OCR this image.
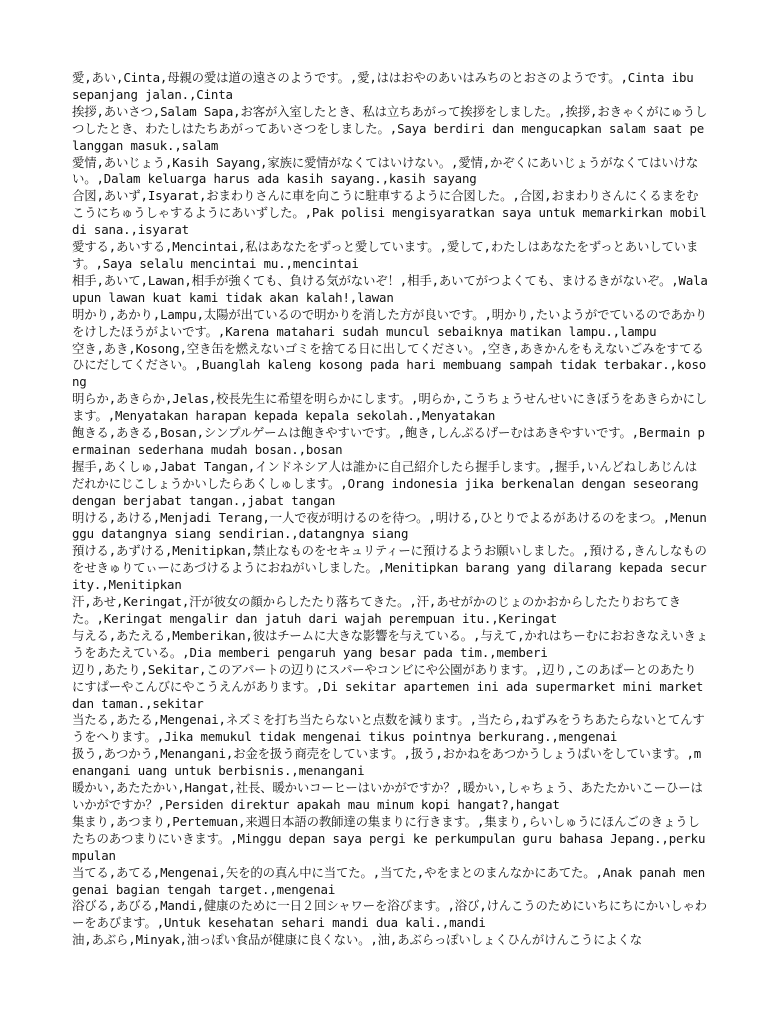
愛,あい,Cinta,母親の愛は道の遠さのようです。,愛,ははおやのあいはみちのとおさのようです。,Cinta ibu sepanjang jalan.,Cinta

挨拶,あいさつ,Salam Sapa,お客が入室したとき、私は立ちあがって挨拶をしました。,挨拶,おきゃくがにゅうしつしたとき、わたしはたちあがってあいさつをしました。,Saya berdiri dan mengucapkan salam saat pelanggan masuk.,salam

愛情,あいじょう,Kasih Sayang,家族に愛情がなくてはいけない。,愛情,かぞくにあいじょうがなくてはいけない。,Dalam keluarga harus ada kasih sayang.,kasih sayang

合図,あいず,Isyarat,おまわりさんに車を向こうに駐車するように合図した。,合図,おまわりさんにくるまをむこうにちゅうしゃするようにあいずした。,Pak polisi mengisyaratkan saya untuk memarkirkan mobil di sana.,isyarat

愛する,あいする,Mencintai,私はあなたをずっと愛しています。,愛して,わたしはあなたをずっとあいしています。,Saya selalu mencintai mu.,mencintai

相手,あいて,Lawan,相手が強くても、負ける気がないぞ！,相手,あいてがつよくても、まけるきがないぞ。,Walaupun lawan kuat kami tidak akan kalah!,lawan

明かり,あかり,Lampu,太陽が出ているので明かりを消した方が良いです。,明かり,たいようがでているのであかりをけしたほうがよいです。,Karena matahari sudah muncul sebaiknya matikan lampu.,lampu

空き,あき,Kosong,空き缶を燃えないゴミを捨てる日に出してください。,空き,あきかんをもえないごみをすてるひにだしてください。,Buanglah kaleng kosong pada hari membuang sampah tidak terbakar.,kosong

明らか,あきらか,Jelas,校長先生に希望を明らかにします。,明らか,こうちょうせんせいにきぼうをあきらかにします。,Menyatakan harapan kepada kepala sekolah.,Menyatakan

飽きる,あきる,Bosan,シンプルゲームは飽きやすいです。,飽き,しんぷるげーむはあきやすいです。,Bermain permainan sederhana mudah bosan.,bosan

握手,あくしゅ,Jabat Tangan,インドネシア人は誰かに自己紹介したら握手します。,握手,いんどねしあじんはだれかにじこしょうかいしたらあくしゅします。,Orang indonesia jika berkenalan dengan seseorang dengan berjabat tangan.,jabat tangan

明ける,あける,Menjadi Terang,一人で夜が明けるのを待つ。,明ける,ひとりでよるがあけるのをまつ。,Menunggu datangnya siang sendirian.,datangnya siang

預ける,あずける,Menitipkan,禁止なものをセキュリティーに預けるようお願いしました。,預ける,きんしなものをせきゅりてぃーにあづけるようにおねがいしました。,Menitipkan barang yang dilarang kepada security.,Menitipkan

汗,あせ,Keringat,汗が彼女の顔からしたたり落ちてきた。,汗,あせがかのじょのかおからしたたりおちてきた。,Keringat mengalir dan jatuh dari wajah perempuan itu.,Keringat

与える,あたえる,Memberikan,彼はチームに大きな影響を与えている。,与えて,かれはちーむにおおきなえいきょうをあたえている。,Dia memberi pengaruh yang besar pada tim.,memberi

辺り,あたり,Sekitar,このアパートの辺りにスパーやコンビにや公園があります。,辺り,このあぱーとのあたりにすぱーやこんびにやこうえんがあります。,Di sekitar apartemen ini ada supermarket mini market dan taman.,sekitar

当たる,あたる,Mengenai,ネズミを打ち当たらないと点数を減ります。,当たら,ねずみをうちあたらないとてんすうをへります。,Jika memukul tidak mengenai tikus pointnya berkurang.,mengenai

扱う,あつかう,Menangani,お金を扱う商売をしています。,扱う,おかねをあつかうしょうばいをしています。,menangani uang untuk berbisnis.,menangani

暖かい,あたたかい,Hangat,社長、暖かいコーヒーはいかがですか？,暖かい,しゃちょう、あたたかいこーひーはいかがですか？,Persiden direktur apakah mau minum kopi hangat?,hangat

集まり,あつまり,Pertemuan,来週日本語の教師達の集まりに行きます。,集まり,らいしゅうにほんごのきょうしたちのあつまりにいきます。,Minggu depan saya pergi ke perkumpulan guru bahasa Jepang.,perkumpulan

当てる,あてる,Mengenai,矢を的の真ん中に当てた。,当てた,やをまとのまんなかにあてた。,Anak panah mengenai bagian tengah target.,mengenai

浴びる,あびる,Mandi,健康のために一日２回シャワーを浴びます。,浴び,けんこうのためにいちにちにかいしゃわーをあびます。,Untuk kesehatan sehari mandi dua kali.,mandi

油,あぶら,Minyak,油っぽい食品が健康に良くない。,油,あぶらっぽいしょくひんがけんこうによくな
